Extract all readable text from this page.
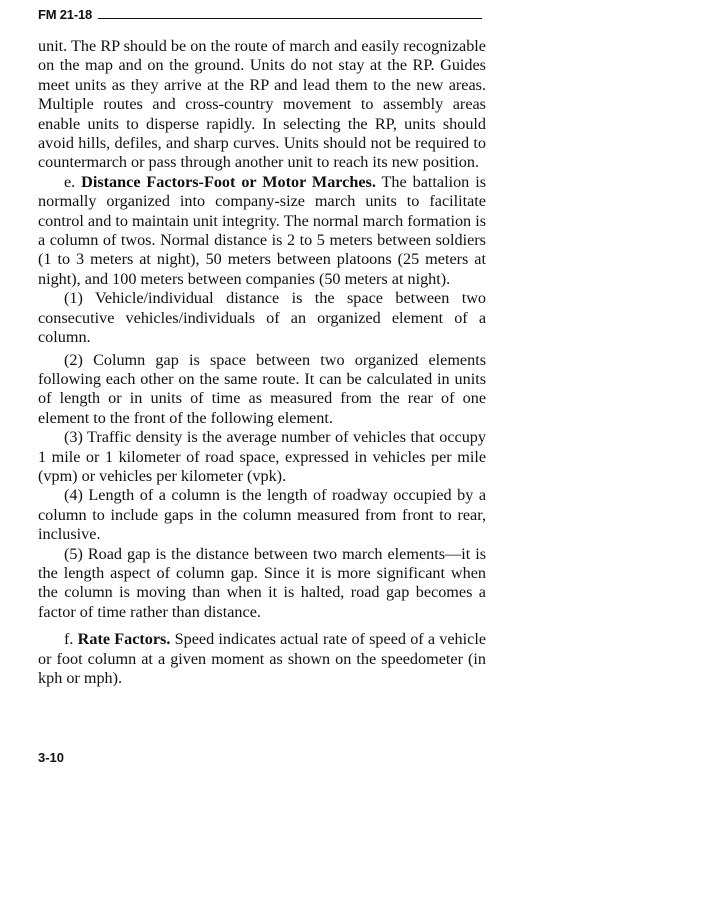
FM 21-18

unit. The RP should be on the route of march and easily recognizable on the map and on the ground. Units do not stay at the RP. Guides meet units as they arrive at the RP and lead them to the new areas. Multiple routes and cross-country movement to assembly areas enable units to disperse rapidly. In selecting the RP, units should avoid hills, defiles, and sharp curves. Units should not be required to countermarch or pass through another unit to reach its new position.

e. Distance Factors-Foot or Motor Marches. The battalion is normally organized into company-size march units to facilitate control and to maintain unit integrity. The normal march formation is a column of twos. Normal distance is 2 to 5 meters between soldiers (1 to 3 meters at night), 50 meters between platoons (25 meters at night), and 100 meters between companies (50 meters at night).

(1) Vehicle/individual distance is the space between two consecutive vehicles/individuals of an organized element of a column.

(2) Column gap is space between two organized elements following each other on the same route. It can be calculated in units of length or in units of time as measured from the rear of one element to the front of the following element.

(3) Traffic density is the average number of vehicles that occupy 1 mile or 1 kilometer of road space, expressed in vehicles per mile (vpm) or vehicles per kilometer (vpk).

(4) Length of a column is the length of roadway occupied by a column to include gaps in the column measured from front to rear, inclusive.

(5) Road gap is the distance between two march elements—it is the length aspect of column gap. Since it is more significant when the column is moving than when it is halted, road gap becomes a factor of time rather than distance.

f. Rate Factors. Speed indicates actual rate of speed of a vehicle or foot column at a given moment as shown on the speedometer (in kph or mph).

3-10
